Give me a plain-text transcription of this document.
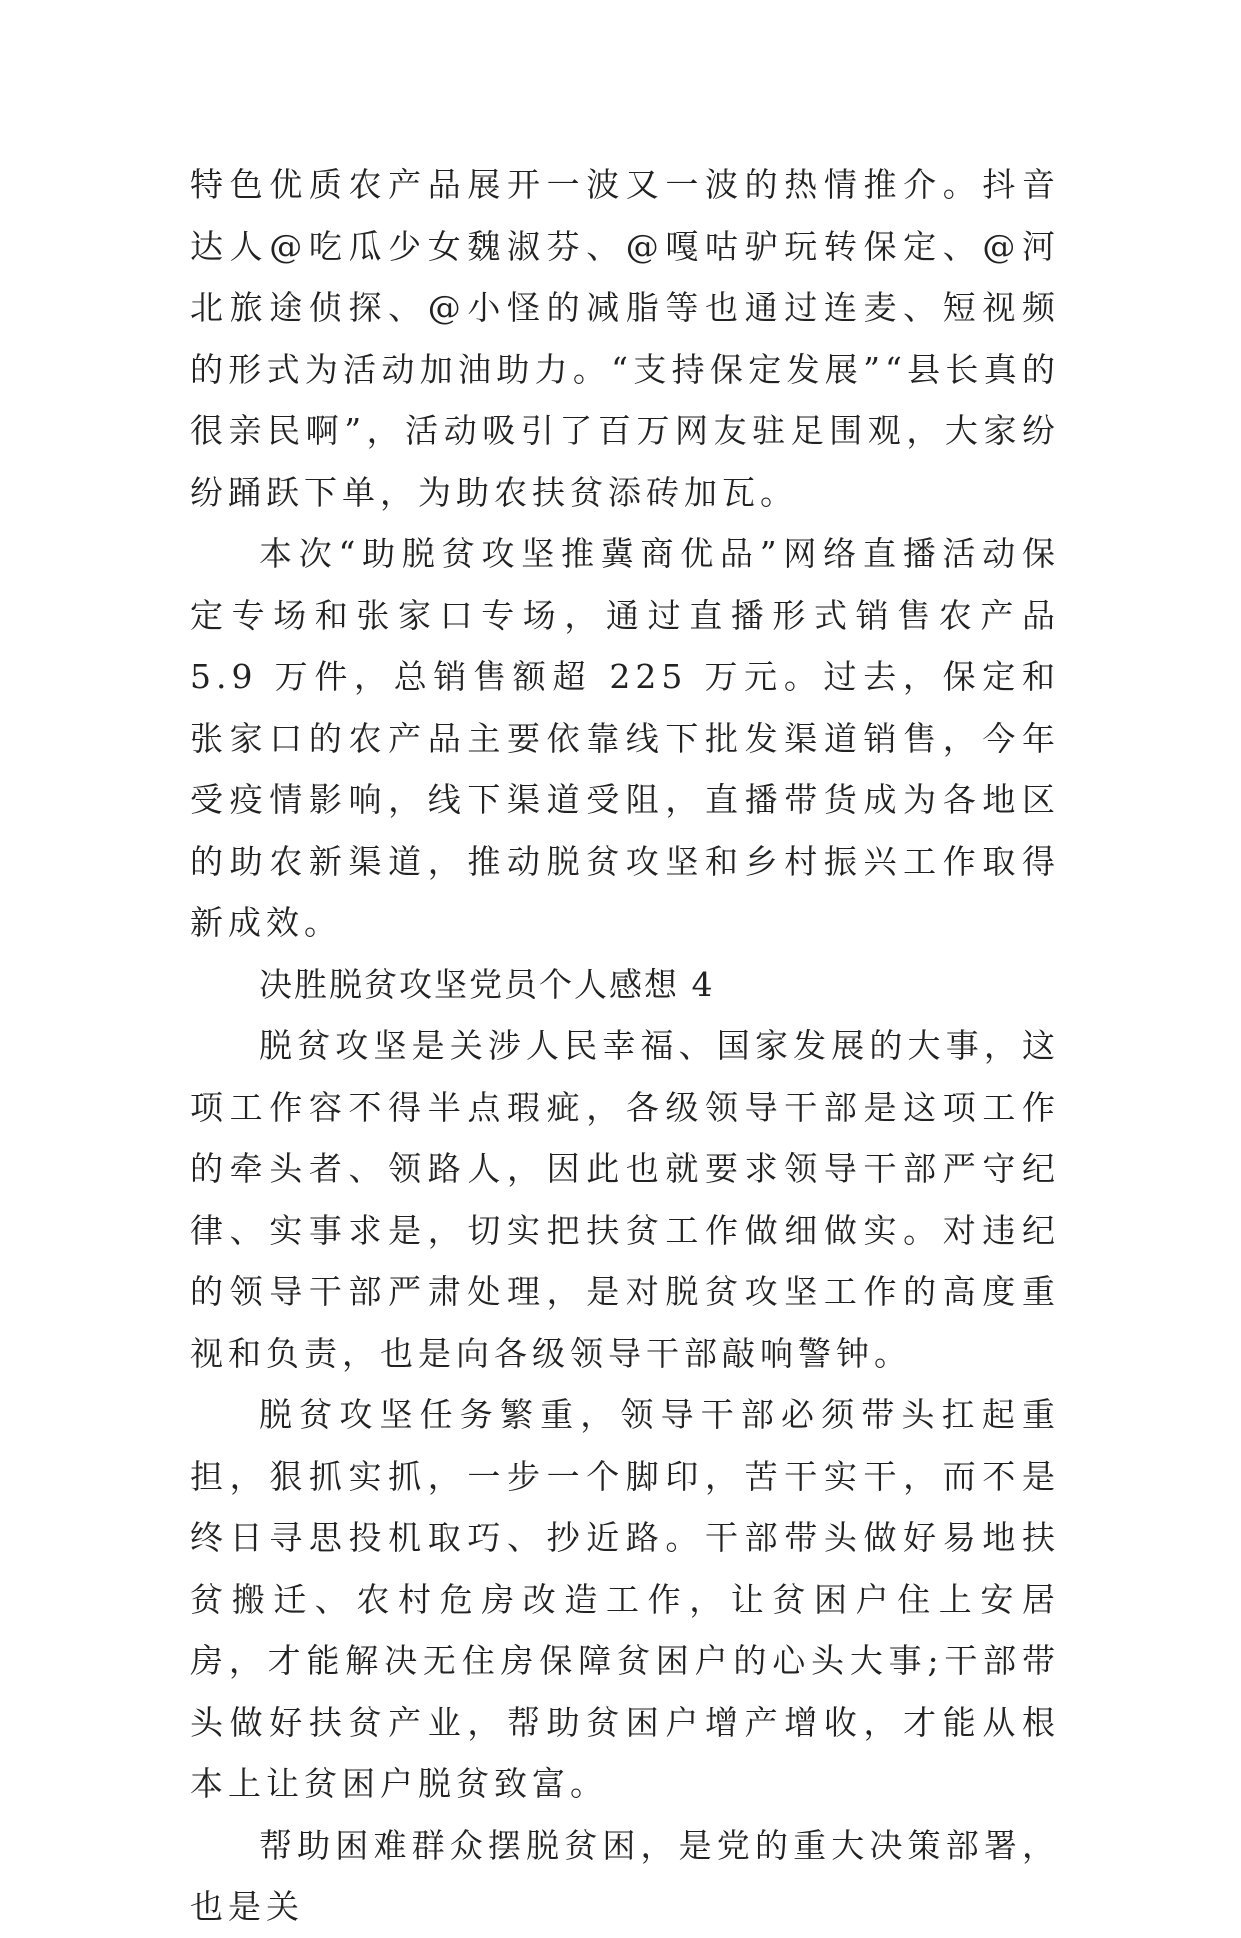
特色优质农产品展开一波又一波的热情推介。抖音达人@吃瓜少女魏淑芬、@嘎咕驴玩转保定、@河北旅途侦探、@小怪的减脂等也通过连麦、短视频的形式为活动加油助力。“支持保定发展”“县长真的很亲民啊”，活动吸引了百万网友驻足围观，大家纷纷踊跃下单，为助农扶贫添砖加瓦。

本次“助脱贫攻坚推冀商优品”网络直播活动保定专场和张家口专场，通过直播形式销售农产品 5.9 万件，总销售额超 225 万元。过去，保定和张家口的农产品主要依靠线下批发渠道销售，今年受疫情影响，线下渠道受阻，直播带货成为各地区的助农新渠道，推动脱贫攻坚和乡村振兴工作取得新成效。

决胜脱贫攻坚党员个人感想 4

脱贫攻坚是关涉人民幸福、国家发展的大事，这项工作容不得半点瑕疵，各级领导干部是这项工作的牵头者、领路人，因此也就要求领导干部严守纪律、实事求是，切实把扶贫工作做细做实。对违纪的领导干部严肃处理，是对脱贫攻坚工作的高度重视和负责，也是向各级领导干部敲响警钟。

脱贫攻坚任务繁重，领导干部必须带头扛起重担，狠抓实抓，一步一个脚印，苦干实干，而不是终日寻思投机取巧、抄近路。干部带头做好易地扶贫搬迁、农村危房改造工作，让贫困户住上安居房，才能解决无住房保障贫困户的心头大事;干部带头做好扶贫产业，帮助贫困户增产增收，才能从根本上让贫困户脱贫致富。

帮助困难群众摆脱贫困，是党的重大决策部署，也是关
